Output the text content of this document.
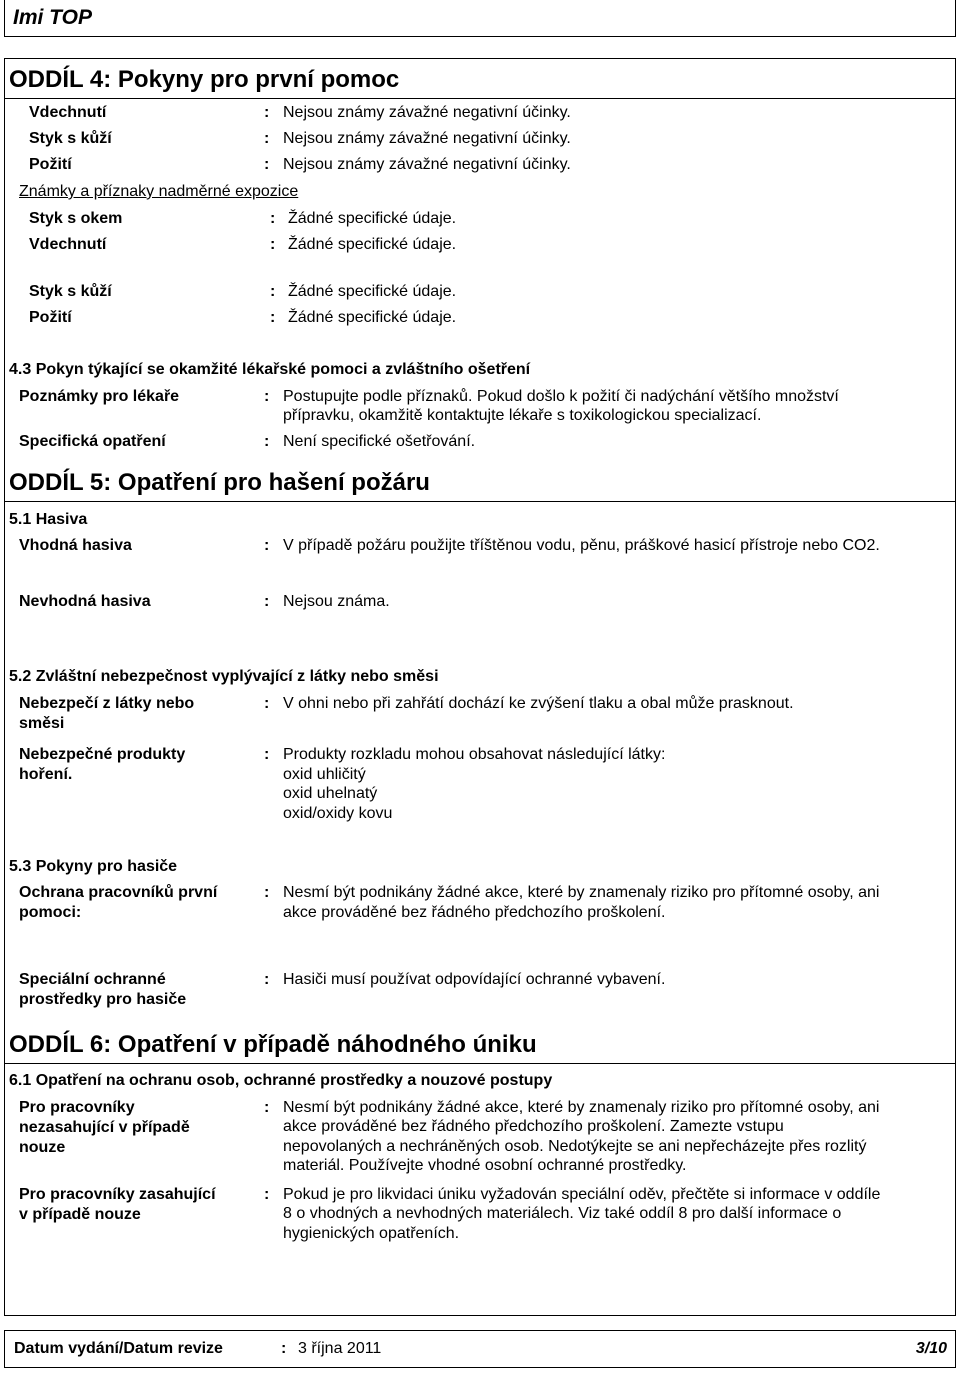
Imi TOP
ODDÍL 4: Pokyny pro první pomoc
Vdechnutí	: Nejsou známy závažné negativní účinky.
Styk s kůží	: Nejsou známy závažné negativní účinky.
Požití	: Nejsou známy závažné negativní účinky.
Známky a příznaky nadměrné expozice
Styk s okem	: Žádné specifické údaje.
Vdechnutí	: Žádné specifické údaje.
Styk s kůží	: Žádné specifické údaje.
Požití	: Žádné specifické údaje.
4.3 Pokyn týkající se okamžité lékařské pomoci a zvláštního ošetření
Poznámky pro lékaře	: Postupujte podle příznaků. Pokud došlo k požití či nadýchání většího množství
přípravku, okamžitě kontaktujte lékaře s toxikologickou specializací.
Specifická opatření	: Není specifické ošetřování.
ODDÍL 5: Opatření pro hašení požáru
5.1 Hasiva
Vhodná hasiva	: V případě požáru použijte tříštěnou vodu, pěnu, práškové hasicí přístroje nebo CO2.
Nevhodná hasiva	: Nejsou známa.
5.2 Zvláštní nebezpečnost vyplývající z látky nebo směsi
Nebezpečí z látky nebo
směsi
: V ohni nebo při zahřátí dochází ke zvýšení tlaku a obal může prasknout.
Nebezpečné produkty
hoření.
: Produkty rozkladu mohou obsahovat následující látky:
oxid uhličitý
oxid uhelnatý
oxid/oxidy kovu
5.3 Pokyny pro hasiče
Ochrana pracovníků první
pomoci:
: Nesmí být podnikány žádné akce, které by znamenaly riziko pro přítomné osoby, ani
akce prováděné bez řádného předchozího proškolení.
Speciální ochranné
prostředky pro hasiče
: Hasiči musí používat odpovídající ochranné vybavení.
ODDÍL 6: Opatření v případě náhodného úniku
6.1 Opatření na ochranu osob, ochranné prostředky a nouzové postupy
Pro pracovníky
nezasahující v případě
nouze
: Nesmí být podnikány žádné akce, které by znamenaly riziko pro přítomné osoby, ani
akce prováděné bez řádného předchozího proškolení. Zamezte vstupu
nepovolaných a nechráněných osob. Nedotýkejte se ani nepřecházejte přes rozlitý
materiál. Používejte vhodné osobní ochranné prostředky.
Pro pracovníky zasahující
v případě nouze
: Pokud je pro likvidaci úniku vyžadován speciální oděv, přečtěte si informace v oddíle
8 o vhodných a nevhodných materiálech. Viz také oddíl 8 pro další informace o
hygienických opatřeních.
Datum vydání/Datum revize	: 3 října 2011	3/10
